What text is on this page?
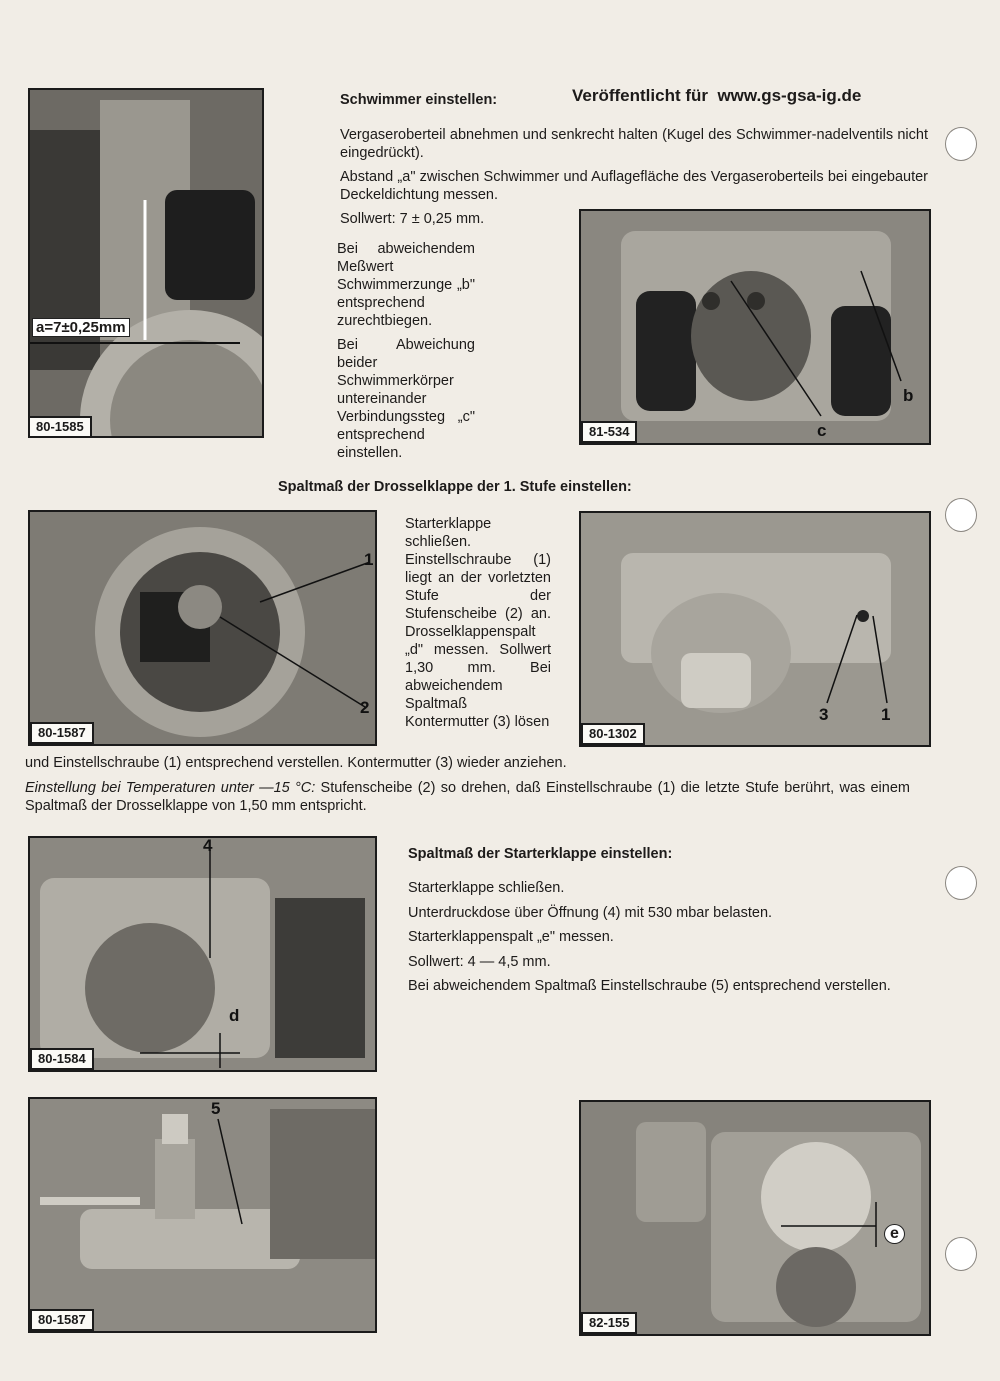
Schwimmer einstellen:	Veröffentlicht für  www.gs-gsa-ig.de
Vergaseroberteil abnehmen und senkrecht halten (Kugel des Schwimmer-nadelventils nicht eingedrückt).
Abstand „a" zwischen Schwimmer und Auflagefläche des Vergaseroberteils bei eingebauter Deckeldichtung messen.
Sollwert: 7 ± 0,25 mm.
Bei abweichendem Meßwert Schwimmerzunge „b" entsprechend zurechtbiegen.
Bei Abweichung beider Schwimmerkörper untereinander Verbindungssteg „c" entsprechend einstellen.
a=7±0,25mm
80-1585
b
c
81-534
Spaltmaß der Drosselklappe der 1. Stufe einstellen:
1
2
80-1587
Starterklappe schließen. Einstellschraube (1) liegt an der vorletzten Stufe der Stufenscheibe (2) an. Drosselklappenspalt „d" messen. Sollwert 1,30 mm. Bei abweichendem Spaltmaß Kontermutter (3) lösen	3	1
80-1302
und Einstellschraube (1) entsprechend verstellen. Kontermutter (3) wieder anziehen.
Einstellung bei Temperaturen unter —15 °C: Stufenscheibe (2) so drehen, daß Einstellschraube (1) die letzte Stufe berührt, was einem Spaltmaß der Drosselklappe von 1,50 mm entspricht.
4
d
80-1584
Spaltmaß der Starterklappe einstellen:
Starterklappe schließen.
Unterdruckdose über Öffnung (4) mit 530 mbar belasten.
Starterklappenspalt „e" messen.
Sollwert: 4 — 4,5 mm.
Bei abweichendem Spaltmaß Einstellschraube (5) entsprechend verstellen.
5
80-1587
e
82-155
